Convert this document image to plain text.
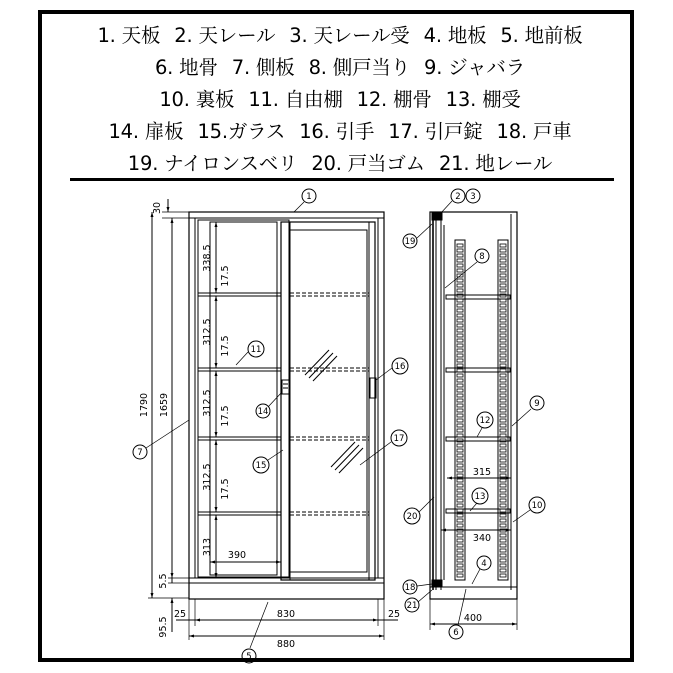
1. 天板 2. 天レール 3. 天レール受 4. 地板 5. 地前板
6. 地骨 7. 側板 8. 側戸当り 9. ジャバラ
10. 裏板 11. 自由棚 12. 棚骨 13. 棚受
14. 扉板 15.ガラス 16. 引手 17. 引戸錠 18. 戸車
19. ナイロンスベリ 20. 戸当ゴム 21. 地レール
30
1790 1659
5.5
95.5
338.5
17.5
312.5
17.5
312.5 17.5
312.5 17.5
313 390
25	830	25
880
1
7
11
14
15
16
17
5
315
340
400
2 3
19
8
9
12
13
10
20
4
18
21
6
